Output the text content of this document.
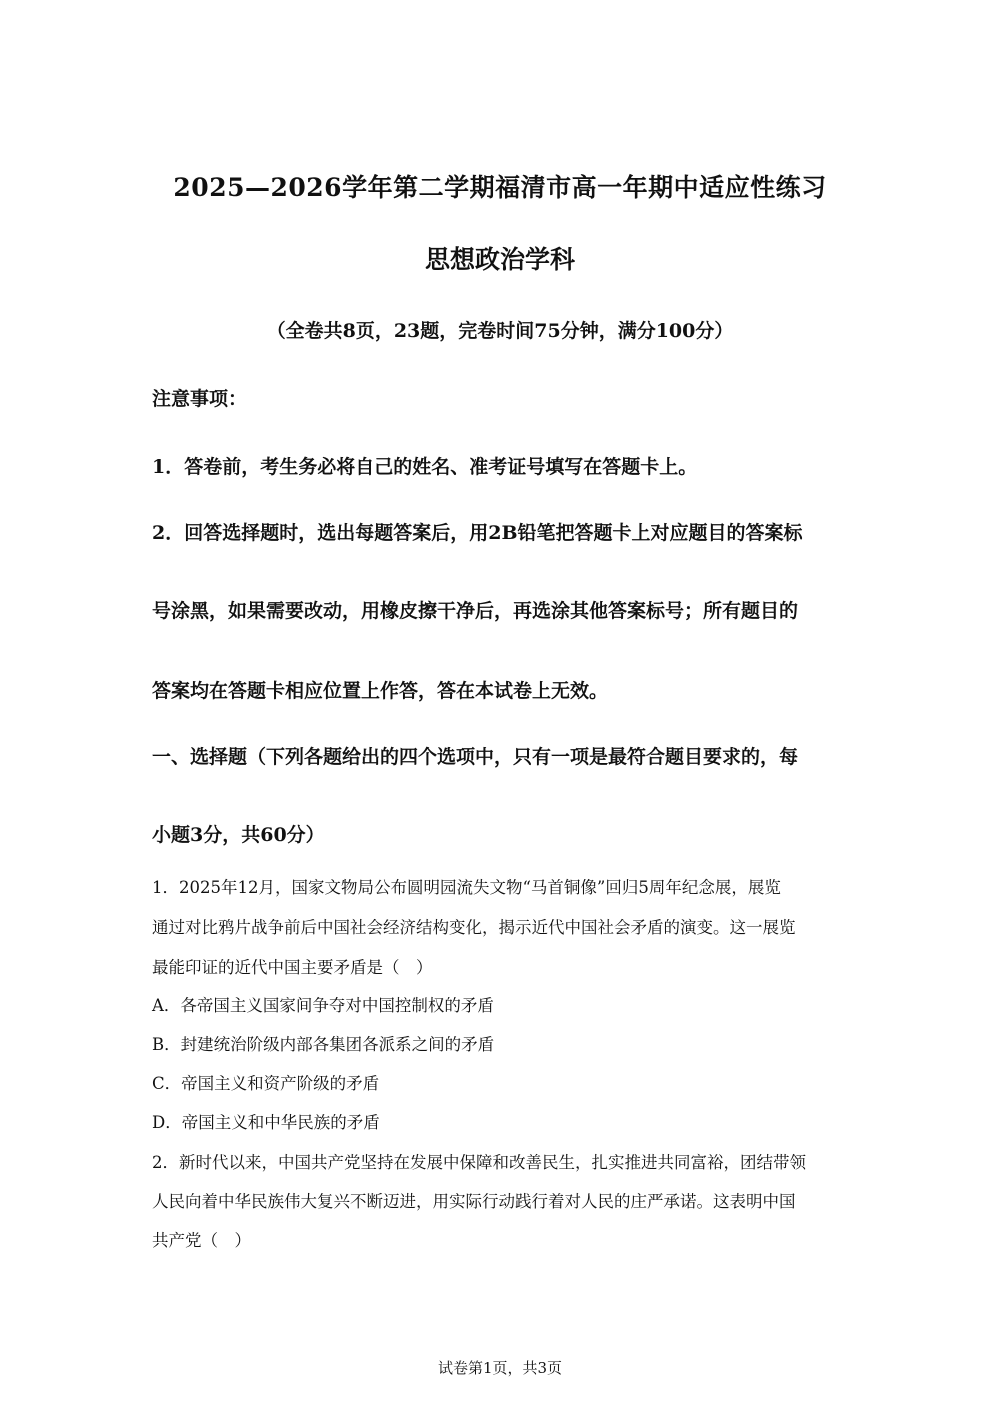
2025—2026学年第二学期福清市高一年期中适应性练习
思想政治学科
（全卷共8页，23题，完卷时间75分钟，满分100分）
注意事项：
1．答卷前，考生务必将自己的姓名、准考证号填写在答题卡上。
2．回答选择题时，选出每题答案后，用2B铅笔把答题卡上对应题目的答案标
号涂黑，如果需要改动，用橡皮擦干净后，再选涂其他答案标号；所有题目的
答案均在答题卡相应位置上作答，答在本试卷上无效。
一、选择题（下列各题给出的四个选项中，只有一项是最符合题目要求的，每
小题3分，共60分）
1．2025年12月，国家文物局公布圆明园流失文物“马首铜像”回归5周年纪念展，展览
通过对比鸦片战争前后中国社会经济结构变化，揭示近代中国社会矛盾的演变。这一展览
最能印证的近代中国主要矛盾是（　）
A．各帝国主义国家间争夺对中国控制权的矛盾
B．封建统治阶级内部各集团各派系之间的矛盾
C．帝国主义和资产阶级的矛盾
D．帝国主义和中华民族的矛盾
2．新时代以来，中国共产党坚持在发展中保障和改善民生，扎实推进共同富裕，团结带领
人民向着中华民族伟大复兴不断迈进，用实际行动践行着对人民的庄严承诺。这表明中国
共产党（　）
试卷第1页，共3页
